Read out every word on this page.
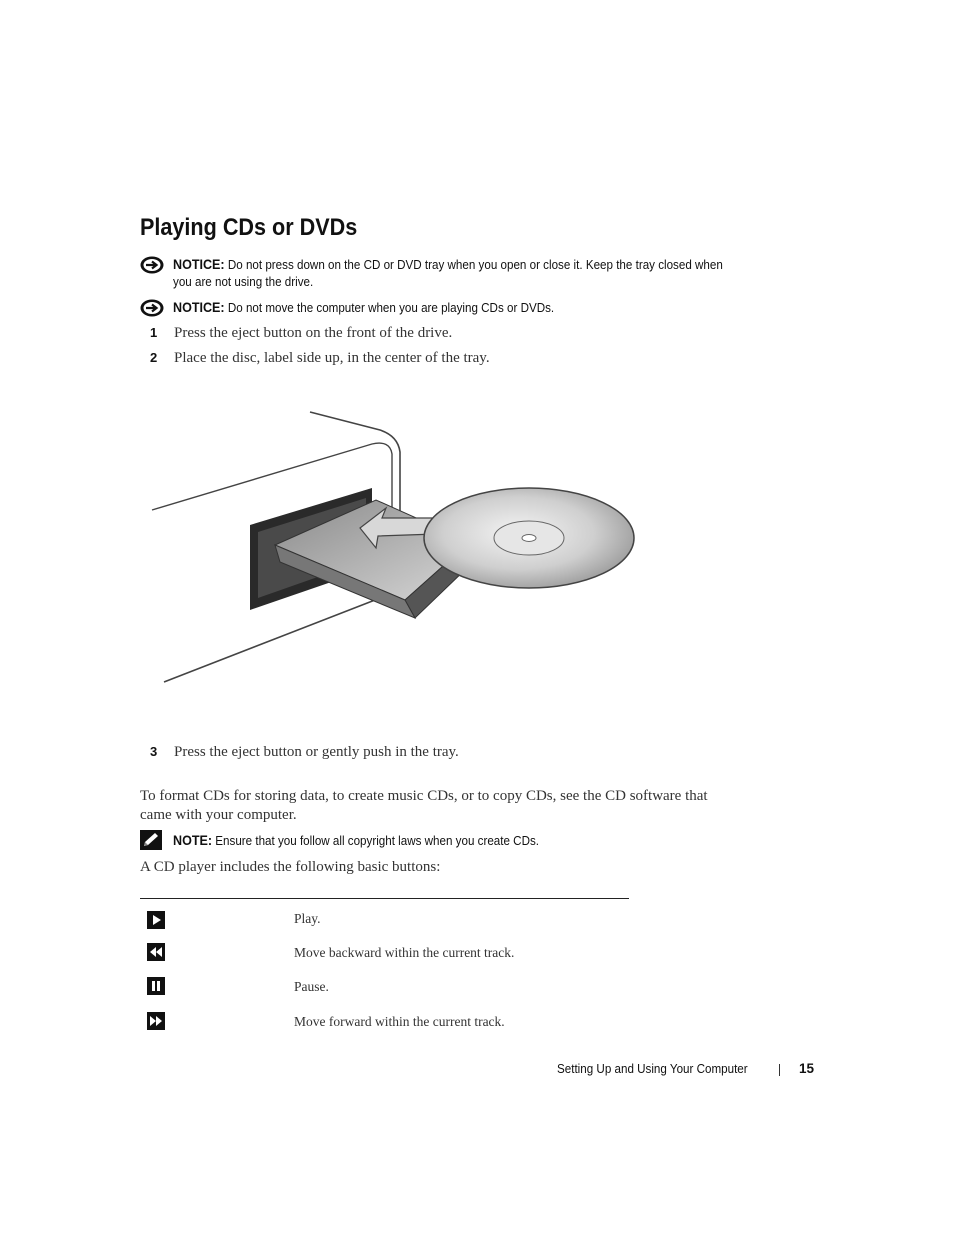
Playing CDs or DVDs
NOTICE: Do not press down on the CD or DVD tray when you open or close it. Keep the tray closed when
you are not using the drive.
NOTICE: Do not move the computer when you are playing CDs or DVDs.
1 Press the eject button on the front of the drive.
2 Place the disc, label side up, in the center of the tray.
3 Press the eject button or gently push in the tray.
To format CDs for storing data, to create music CDs, or to copy CDs, see the CD software that
came with your computer.
NOTE: Ensure that you follow all copyright laws when you create CDs.
A CD player includes the following basic buttons:
Play.
Move backward within the current track.
Pause.
Move forward within the current track.
Setting Up and Using Your Computer	15
